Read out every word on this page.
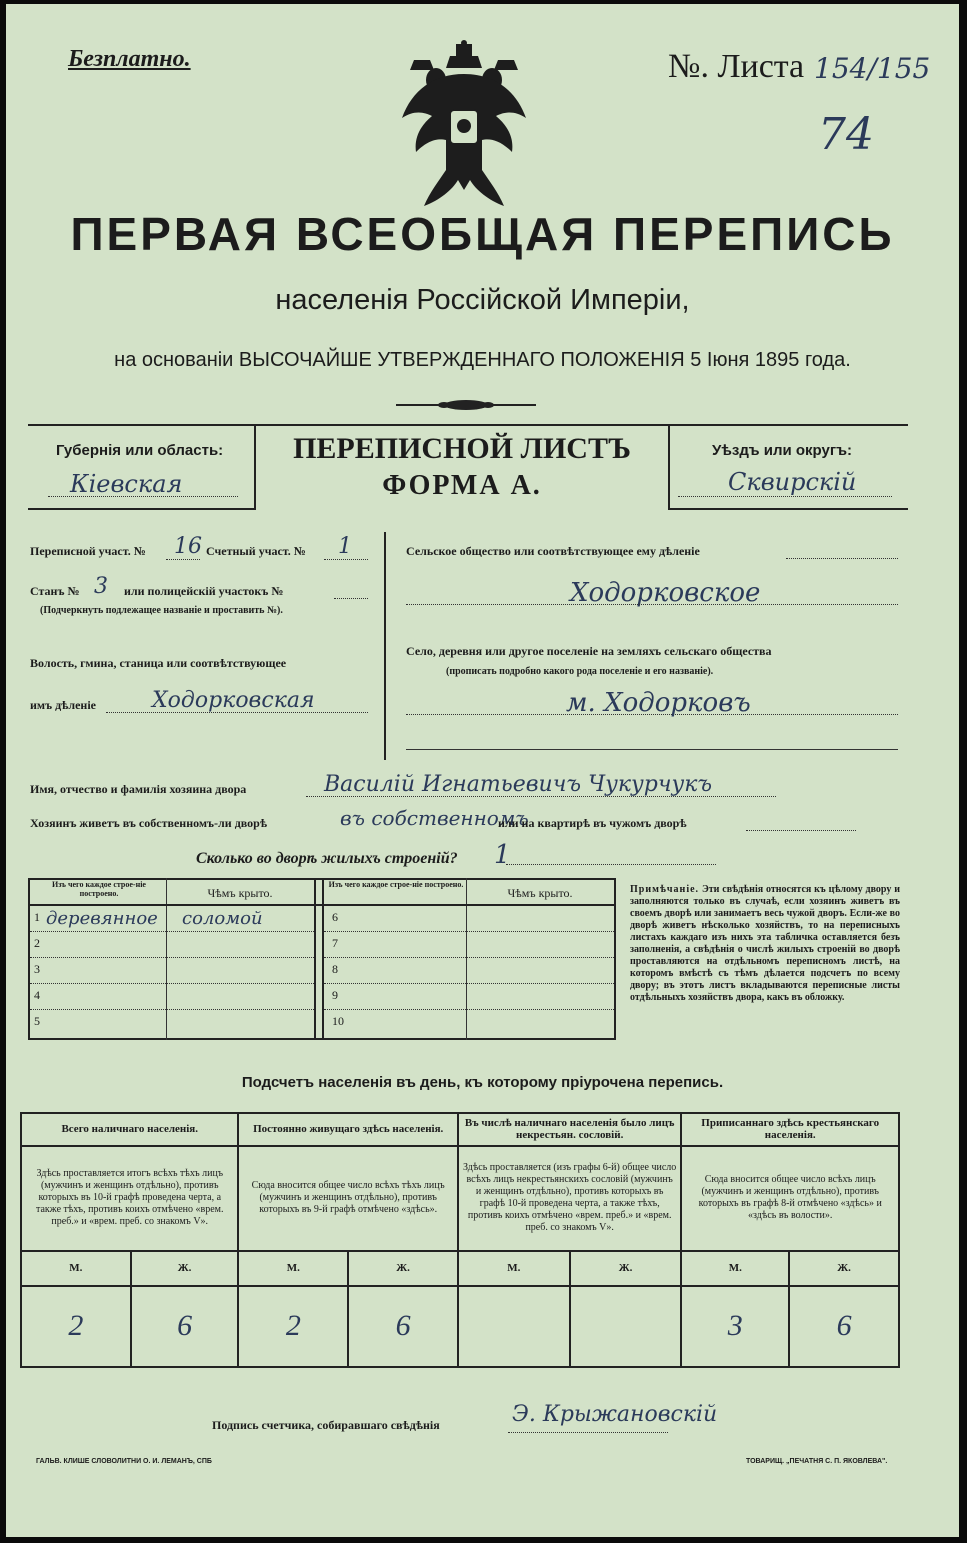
Безплатно.	№. Листа 154/155
74
ПЕРВАЯ ВСЕОБЩАЯ ПЕРЕПИСЬ
населенія Россійской Имперіи,
на основаніи ВЫСОЧАЙШЕ УТВЕРЖДЕННАГО ПОЛОЖЕНІЯ 5 Іюня 1895 года.
Губернія или область:
Кіевская
ПЕРЕПИСНОЙ ЛИСТЪ
ФОРМА А.
Уѣздъ или округъ:
Сквирскій
Переписной участ. № 16 Счетный участ. № 1
Станъ № 3 или полицейскій участокъ №
(Подчеркнуть подлежащее названіе и проставить №).
Волость, гмина, станица или соотвѣтствующее
имъ дѣленіе	Ходорковская
Сельское общество или соотвѣтствующее ему дѣленіе
Ходорковское
Село, деревня или другое поселеніе на земляхъ сельскаго общества
(прописать подробно какого рода поселеніе и его названіе).
м. Ходорковъ
Имя, отчество и фамилія хозяина двора	Василій Игнатьевичъ Чукурчукъ
Хозяинъ живетъ въ собственномъ-ли дворѣ	въ собственномъ
или на квартирѣ въ чужомъ дворѣ
Сколько во дворѣ жилыхъ строеній? 1
Изъ чего каждое строе-ніе построено.	Чѣмъ крыто.
Изъ чего каждое строе-ніе построено.
Чѣмъ крыто.
1 деревянное соломой
2
3
4
5
6
7
8
9
10
Примѣчаніе. Эти свѣдѣнія относятся къ цѣлому двору и заполняются только въ случаѣ, если хозяинъ живетъ въ своемъ дворѣ или занимаетъ весь чужой дворъ. Если-же во дворѣ живетъ нѣсколько хозяйствъ, то на переписныхъ листахъ каждаго изъ нихъ эта табличка оставляется безъ заполненія, а свѣдѣнія о числѣ жилыхъ строеній во дворѣ проставляются на отдѣльномъ переписномъ листѣ, на которомъ вмѣстѣ съ тѣмъ дѣлается подсчетъ по всему двору; въ этотъ листъ вкладываются переписные листы отдѣльныхъ хозяйствъ двора, какъ въ обложку.
Подсчетъ населенія въ день, къ которому пріурочена перепись.
Всего наличнаго населенія.		Постоянно живущаго здѣсь населенія.		Въ числѣ наличнаго населенія было лицъ некрестьян. сословій.		Приписаннаго здѣсь крестьянскаго населенія.	
Здѣсь проставляется итогъ всѣхъ тѣхъ лицъ (мужчинъ и женщинъ отдѣльно), противъ которыхъ въ 10-й графѣ проведена черта, а также тѣхъ, противъ коихъ отмѣчено «врем. преб.» и «врем. преб. со знакомъ V».		Сюда вносится общее число всѣхъ тѣхъ лицъ (мужчинъ и женщинъ отдѣльно), противъ которыхъ въ 9-й графѣ отмѣчено «здѣсь».		Здѣсь проставляется (изъ графы 6-й) общее число всѣхъ лицъ некрестьянскихъ сословій (мужчинъ и женщинъ отдѣльно), противъ которыхъ въ графѣ 10-й проведена черта, а также тѣхъ, противъ коихъ отмѣчено «врем. преб.» и «врем. преб. со знакомъ V».		Сюда вносится общее число всѣхъ лицъ (мужчинъ и женщинъ отдѣльно), противъ которыхъ въ графѣ 8-й отмѣчено «здѣсь» и «здѣсь въ волости».	
М.	Ж.	М.	Ж.	М.	Ж.	М.	Ж.
2	6	2	6			3	6
Подпись счетчика, собиравшаго свѣдѣнія	Э. Крыжановскій
ГАЛЬВ. КЛИШЕ СЛОВОЛИТНИ О. И. ЛЕМАНЪ, СПБ	ТОВАРИЩ. „ПЕЧАТНЯ С. П. ЯКОВЛЕВА".
